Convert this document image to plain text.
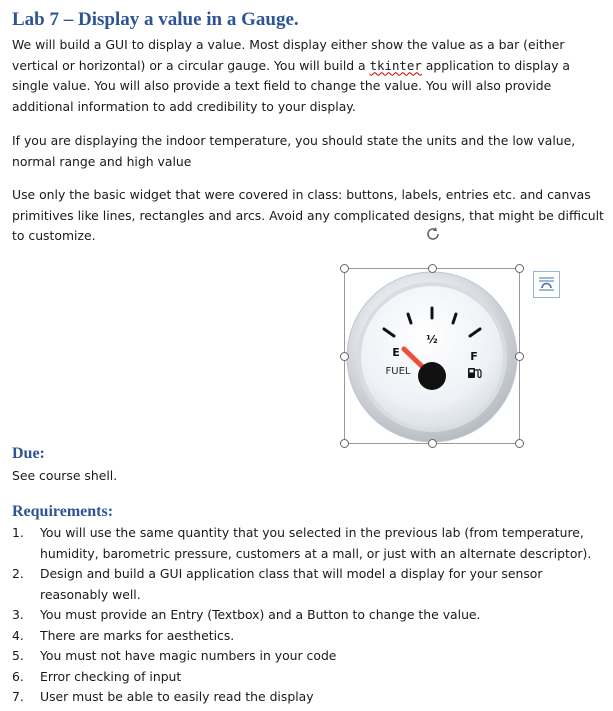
Lab 7 – Display a value in a Gauge.

We will build a GUI to display a value. Most display either show the value as a bar (either vertical or horizontal) or a circular gauge. You will build a tkinter application to display a single value. You will also provide a text field to change the value. You will also provide additional information to add credibility to your display.

If you are displaying the indoor temperature, you should state the units and the low value, normal range and high value

Use only the basic widget that were covered in class: buttons, labels, entries etc. and canvas primitives like lines, rectangles and arcs. Avoid any complicated designs, that might be difficult to customize.

Due:

See course shell.

Requirements:
1. You will use the same quantity that you selected in the previous lab (from temperature, humidity, barometric pressure, customers at a mall, or just with an alternate descriptor).
2. Design and build a GUI application class that will model a display for your sensor reasonably well.
3. You must provide an Entry (Textbox) and a Button to change the value.
4. There are marks for aesthetics.
5. You must not have magic numbers in your code
6. Error checking of input
7. User must be able to easily read the display
½
E	F
FUEL
